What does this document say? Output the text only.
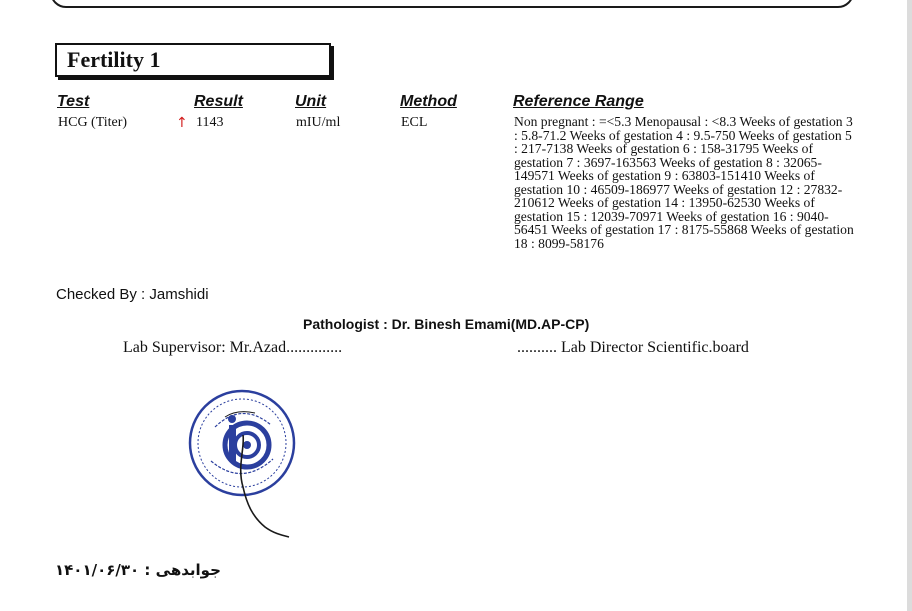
Fertility 1
Test	Result	Unit	Method	Reference Range
HCG (Titer)	↑ 1143	mIU/ml	ECL	Non pregnant : =<5.3 Menopausal : <8.3 Weeks of gestation 3 : 5.8-71.2 Weeks of gestation 4 : 9.5-750 Weeks of gestation 5 : 217-7138 Weeks of gestation 6 : 158-31795 Weeks of gestation 7 : 3697-163563 Weeks of gestation 8 : 32065-149571 Weeks of gestation 9 : 63803-151410 Weeks of gestation 10 : 46509-186977 Weeks of gestation 12 : 27832-210612 Weeks of gestation 14 : 13950-62530 Weeks of gestation 15 : 12039-70971 Weeks of gestation 16 : 9040-56451 Weeks of gestation 17 : 8175-55868 Weeks of gestation 18 : 8099-58176
Checked By : Jamshidi
Pathologist : Dr. Binesh Emami(MD.AP-CP)
Lab Supervisor: Mr.Azad..............	.......... Lab Director Scientific.board
جوابدهی : ۱۴۰۱/۰۶/۳۰
